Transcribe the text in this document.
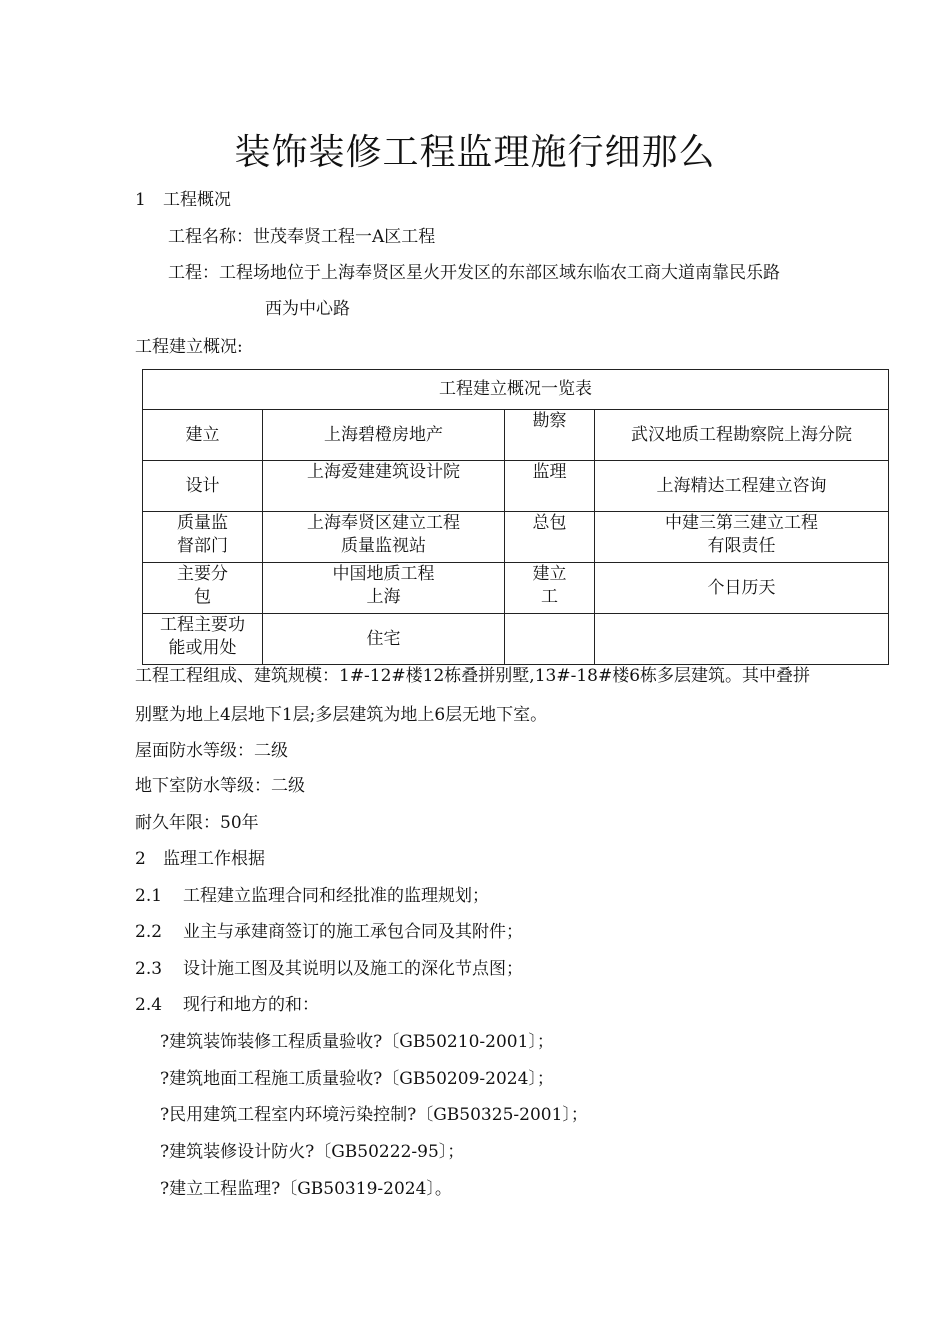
装饰装修工程监理施行细那么
1 工程概况
工程名称：世茂奉贤工程一A区工程
工程：工程场地位于上海奉贤区星火开发区的东部区域东临农工商大道南靠民乐路
西为中心路
工程建立概况:
工程建立概况一览表			

建立	上海碧橙房地产	勘察	武汉地质工程勘察院上海分院

设计	上海爱建建筑设计院	监理	上海精达工程建立咨询

质量监
督部门	上海奉贤区建立工程
质量监视站	总包	中建三第三建立工程
有限责任

主要分
包	中国地质工程
上海	建立
工	个日历天

工程主要功
能或用处	住宅		

工程工程组成、建筑规模：1#-12#楼12栋叠拼别墅,13#-18#楼6栋多层建筑。其中叠拼
别墅为地上4层地下1层;多层建筑为地上6层无地下室。
屋面防水等级：二级
地下室防水等级：二级
耐久年限：50年
2 监理工作根据
2.1 工程建立监理合同和经批准的监理规划；
2.2 业主与承建商签订的施工承包合同及其附件；
2.3 设计施工图及其说明以及施工的深化节点图；
2.4 现行和地方的和：
?建筑装饰装修工程质量验收?〔GB50210-2001〕；
?建筑地面工程施工质量验收?〔GB50209-2024〕；
?民用建筑工程室内环境污染控制?〔GB50325-2001〕；
?建筑装修设计防火?〔GB50222-95〕；
?建立工程监理?〔GB50319-2024〕。
